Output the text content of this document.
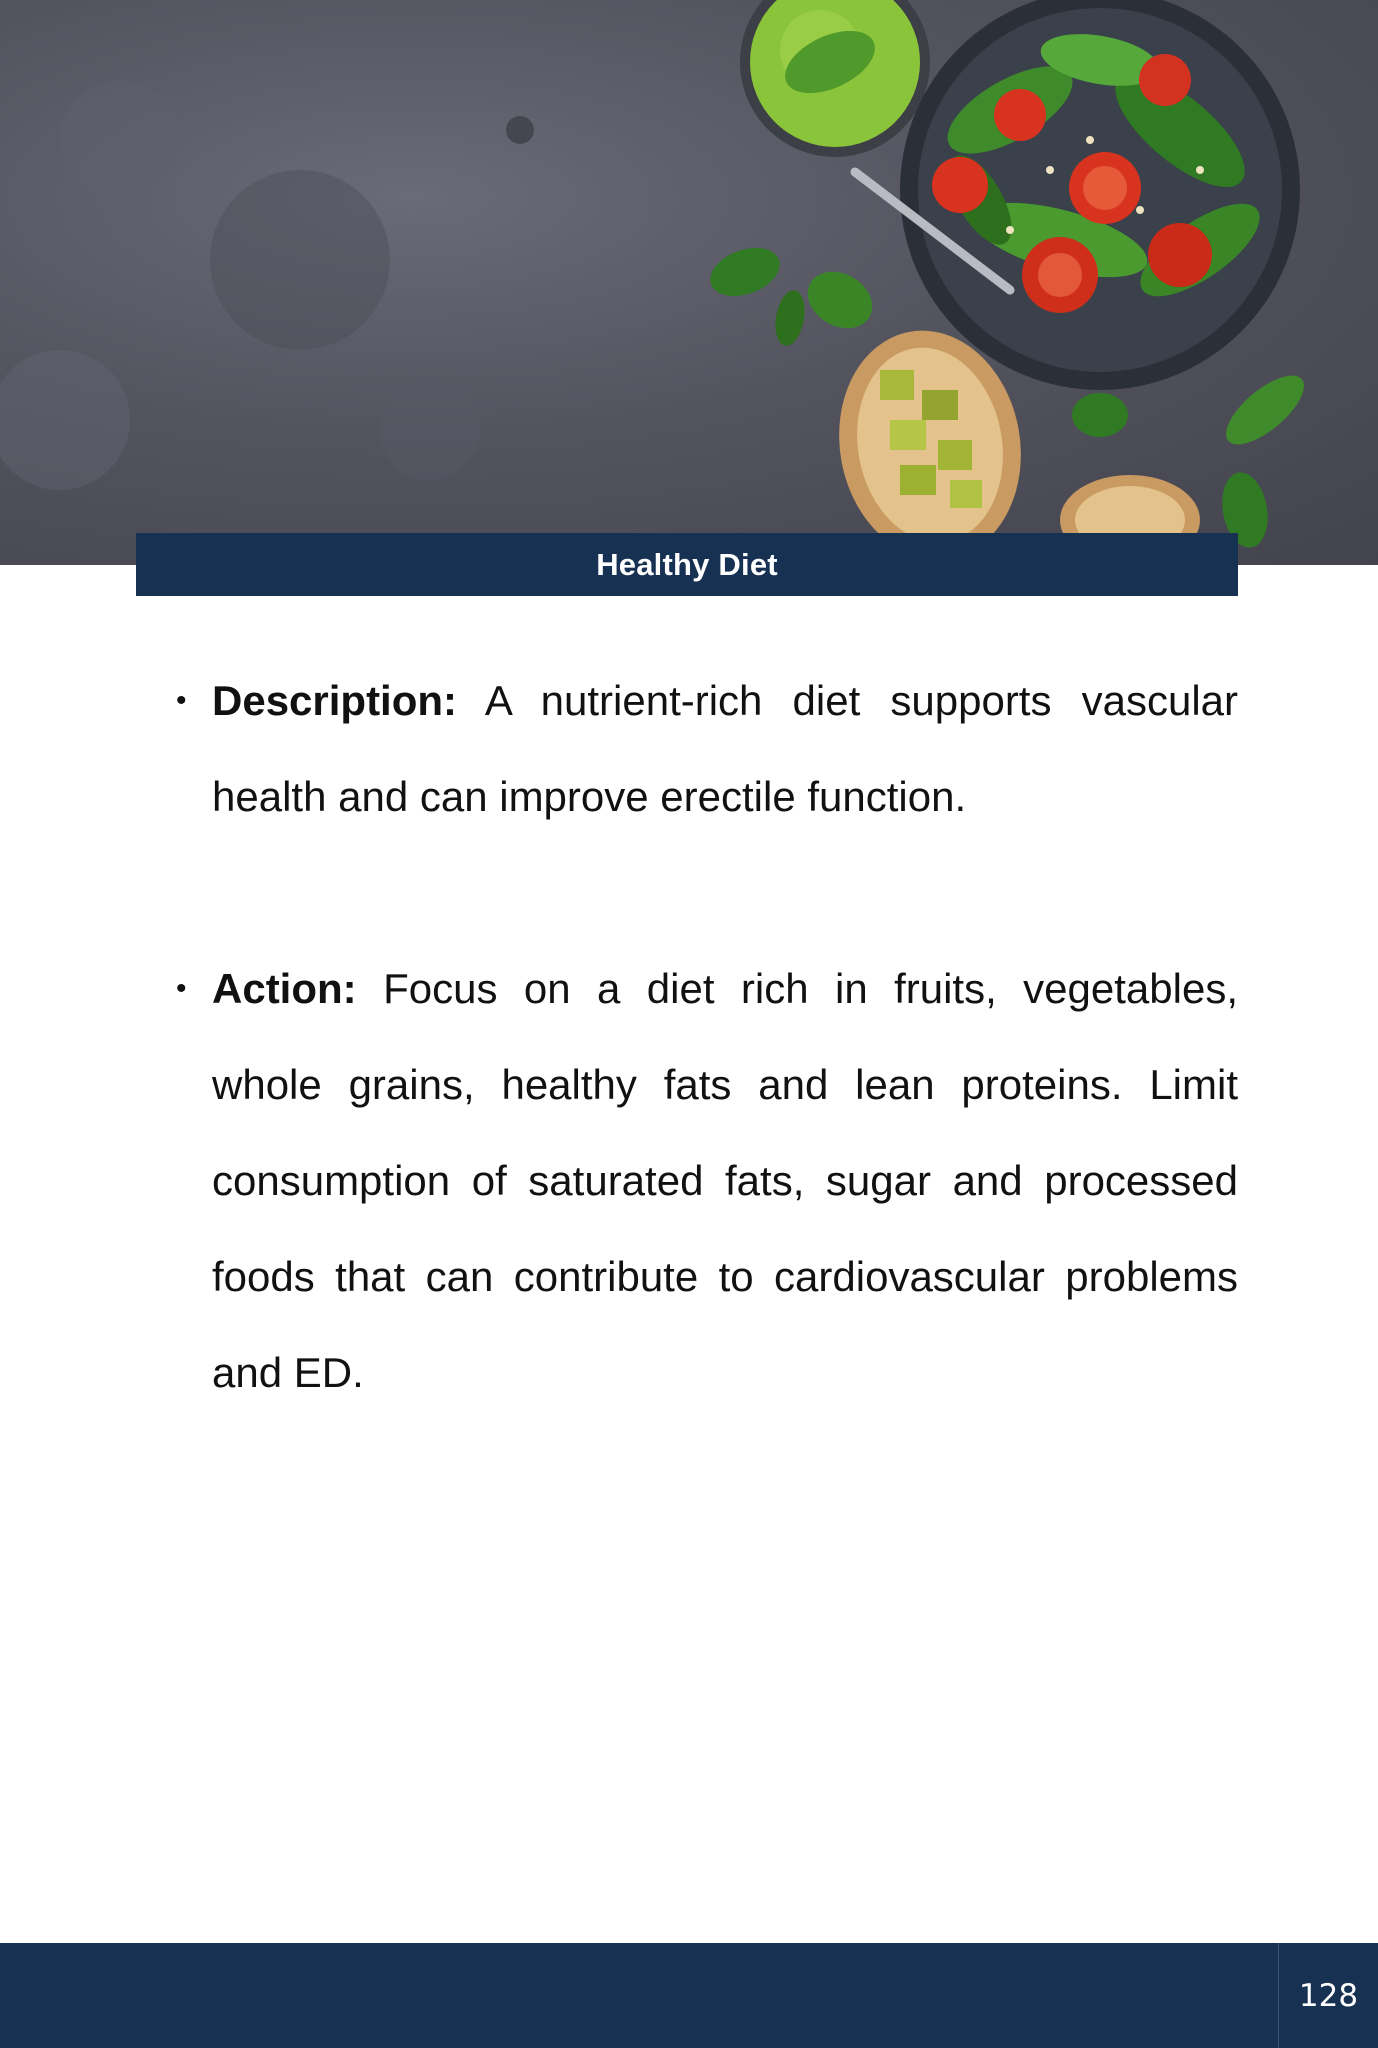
Healthy Diet

• Description: A nutrient-rich diet supports vascular health and can improve erectile function.

• Action: Focus on a diet rich in fruits, vegetables, whole grains, healthy fats and lean proteins. Limit consumption of saturated fats, sugar and processed foods that can contribute to cardiovascular problems and ED.

128
